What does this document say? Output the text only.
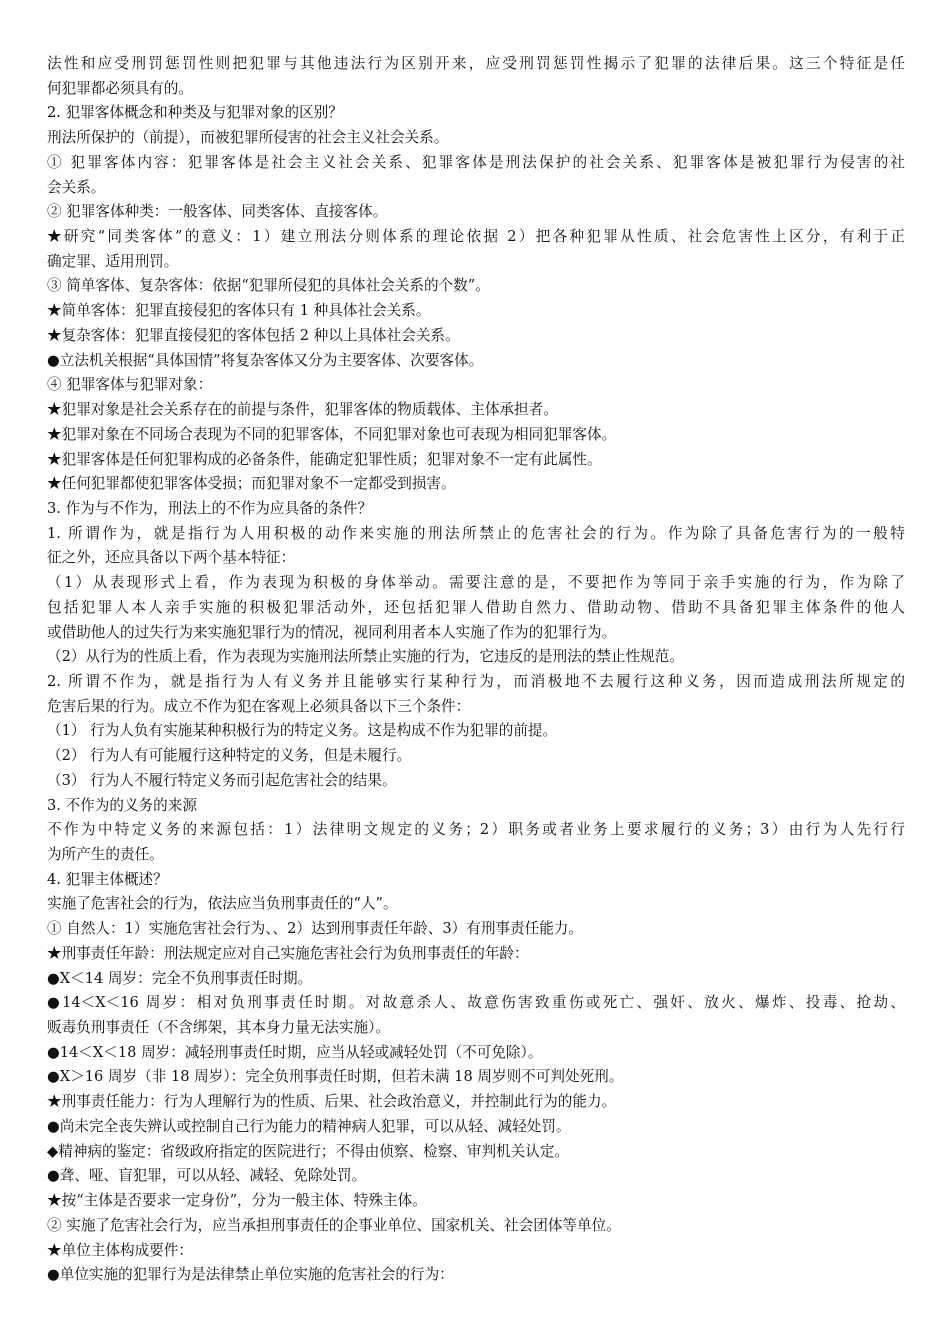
法性和应受刑罚惩罚性则把犯罪与其他违法行为区别开来，应受刑罚惩罚性揭示了犯罪的法律后果。这三个特征是任
何犯罪都必须具有的。
2. 犯罪客体概念和种类及与犯罪对象的区别？
刑法所保护的（前提），而被犯罪所侵害的社会主义社会关系。
① 犯罪客体内容：犯罪客体是社会主义社会关系、犯罪客体是刑法保护的社会关系、犯罪客体是被犯罪行为侵害的社
会关系。
② 犯罪客体种类：一般客体、同类客体、直接客体。
★研究“同类客体”的意义：1）建立刑法分则体系的理论依据 2）把各种犯罪从性质、社会危害性上区分，有利于正
确定罪、适用刑罚。
③ 简单客体、复杂客体：依据“犯罪所侵犯的具体社会关系的个数”。
★简单客体：犯罪直接侵犯的客体只有 1 种具体社会关系。
★复杂客体：犯罪直接侵犯的客体包括 2 种以上具体社会关系。
●立法机关根据“具体国情”将复杂客体又分为主要客体、次要客体。
④ 犯罪客体与犯罪对象：
★犯罪对象是社会关系存在的前提与条件，犯罪客体的物质载体、主体承担者。
★犯罪对象在不同场合表现为不同的犯罪客体，不同犯罪对象也可表现为相同犯罪客体。
★犯罪客体是任何犯罪构成的必备条件，能确定犯罪性质；犯罪对象不一定有此属性。
★任何犯罪都使犯罪客体受损；而犯罪对象不一定都受到损害。
3. 作为与不作为，刑法上的不作为应具备的条件？
1. 所谓作为，就是指行为人用积极的动作来实施的刑法所禁止的危害社会的行为。作为除了具备危害行为的一般特
征之外，还应具备以下两个基本特征：
（1）从表现形式上看，作为表现为积极的身体举动。需要注意的是，不要把作为等同于亲手实施的行为，作为除了
包括犯罪人本人亲手实施的积极犯罪活动外，还包括犯罪人借助自然力、借助动物、借助不具备犯罪主体条件的他人
或借助他人的过失行为来实施犯罪行为的情况，视同利用者本人实施了作为的犯罪行为。
（2）从行为的性质上看，作为表现为实施刑法所禁止实施的行为，它违反的是刑法的禁止性规范。
2. 所谓不作为，就是指行为人有义务并且能够实行某种行为，而消极地不去履行这种义务，因而造成刑法所规定的
危害后果的行为。成立不作为犯在客观上必须具备以下三个条件：
（1） 行为人负有实施某种积极行为的特定义务。这是构成不作为犯罪的前提。
（2） 行为人有可能履行这种特定的义务，但是未履行。
（3） 行为人不履行特定义务而引起危害社会的结果。
3. 不作为的义务的来源
不作为中特定义务的来源包括：1）法律明文规定的义务；2）职务或者业务上要求履行的义务；3）由行为人先行行
为所产生的责任。
4. 犯罪主体概述？
实施了危害社会的行为，依法应当负刑事责任的“人”。
① 自然人：1）实施危害社会行为、、2）达到刑事责任年龄、3）有刑事责任能力。
★刑事责任年龄：刑法规定应对自己实施危害社会行为负刑事责任的年龄：
●X＜14 周岁：完全不负刑事责任时期。
●14＜X＜16 周岁：相对负刑事责任时期。对故意杀人、故意伤害致重伤或死亡、强奸、放火、爆炸、投毒、抢劫、
贩毒负刑事责任（不含绑架，其本身力量无法实施）。
●14＜X＜18 周岁：减轻刑事责任时期，应当从轻或减轻处罚（不可免除）。
●X＞16 周岁（非 18 周岁）：完全负刑事责任时期，但若未满 18 周岁则不可判处死刑。
★刑事责任能力：行为人理解行为的性质、后果、社会政治意义，并控制此行为的能力。
●尚未完全丧失辨认或控制自己行为能力的精神病人犯罪，可以从轻、减轻处罚。
◆精神病的鉴定：省级政府指定的医院进行；不得由侦察、检察、审判机关认定。
●聋、哑、盲犯罪，可以从轻、减轻、免除处罚。
★按“主体是否要求一定身份”，分为一般主体、特殊主体。
② 实施了危害社会行为，应当承担刑事责任的企事业单位、国家机关、社会团体等单位。
★单位主体构成要件：
●单位实施的犯罪行为是法律禁止单位实施的危害社会的行为：
